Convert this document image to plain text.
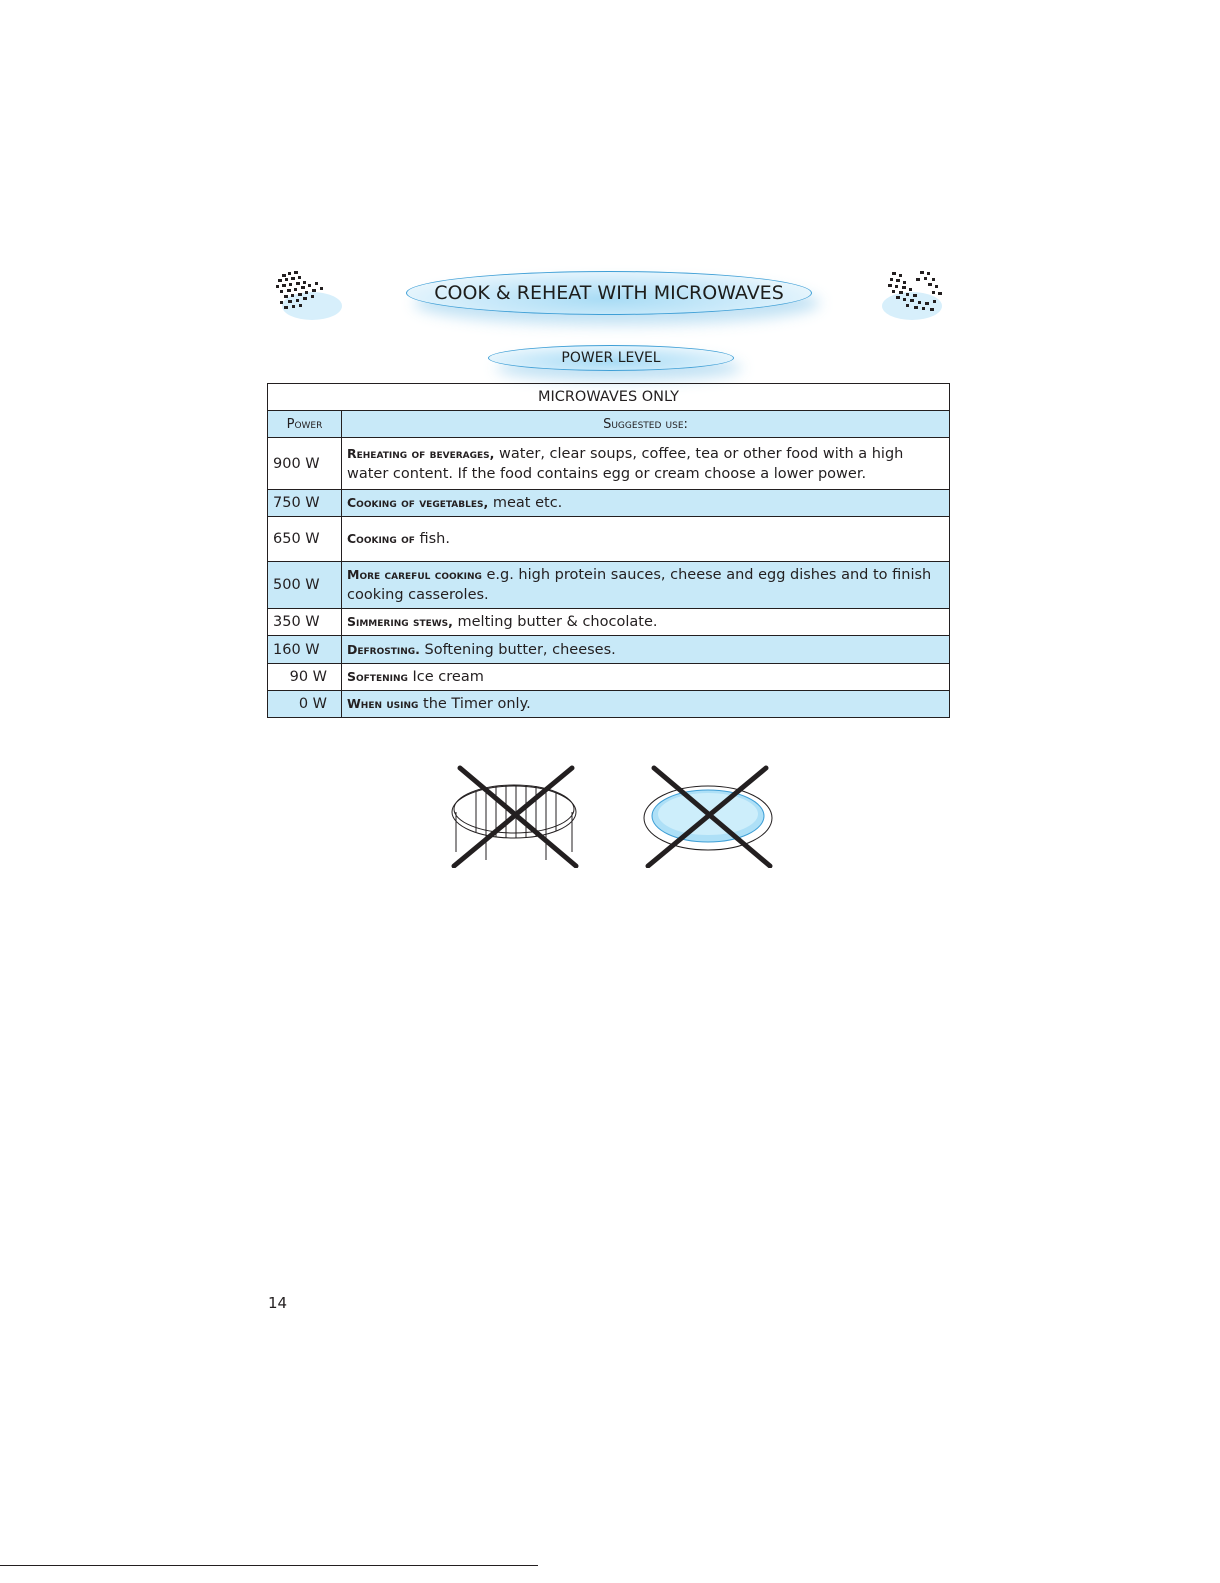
COOK & REHEAT WITH MICROWAVES
POWER LEVEL
MICROWAVES ONLY	
Power	Suggested use:
900 W	Reheating of beverages, water, clear soups, coffee, tea or other food with a high water content. If the food contains egg or cream choose a lower power.
750 W	Cooking of vegetables, meat etc.
650 W	Cooking of fish.
500 W	More careful cooking e.g. high protein sauces, cheese and egg dishes and to finish cooking casseroles.
350 W	Simmering stews, melting butter & chocolate.
160 W	Defrosting. Softening butter, cheeses.
90 W	Softening Ice cream
0 W	When using the Timer only.
14
